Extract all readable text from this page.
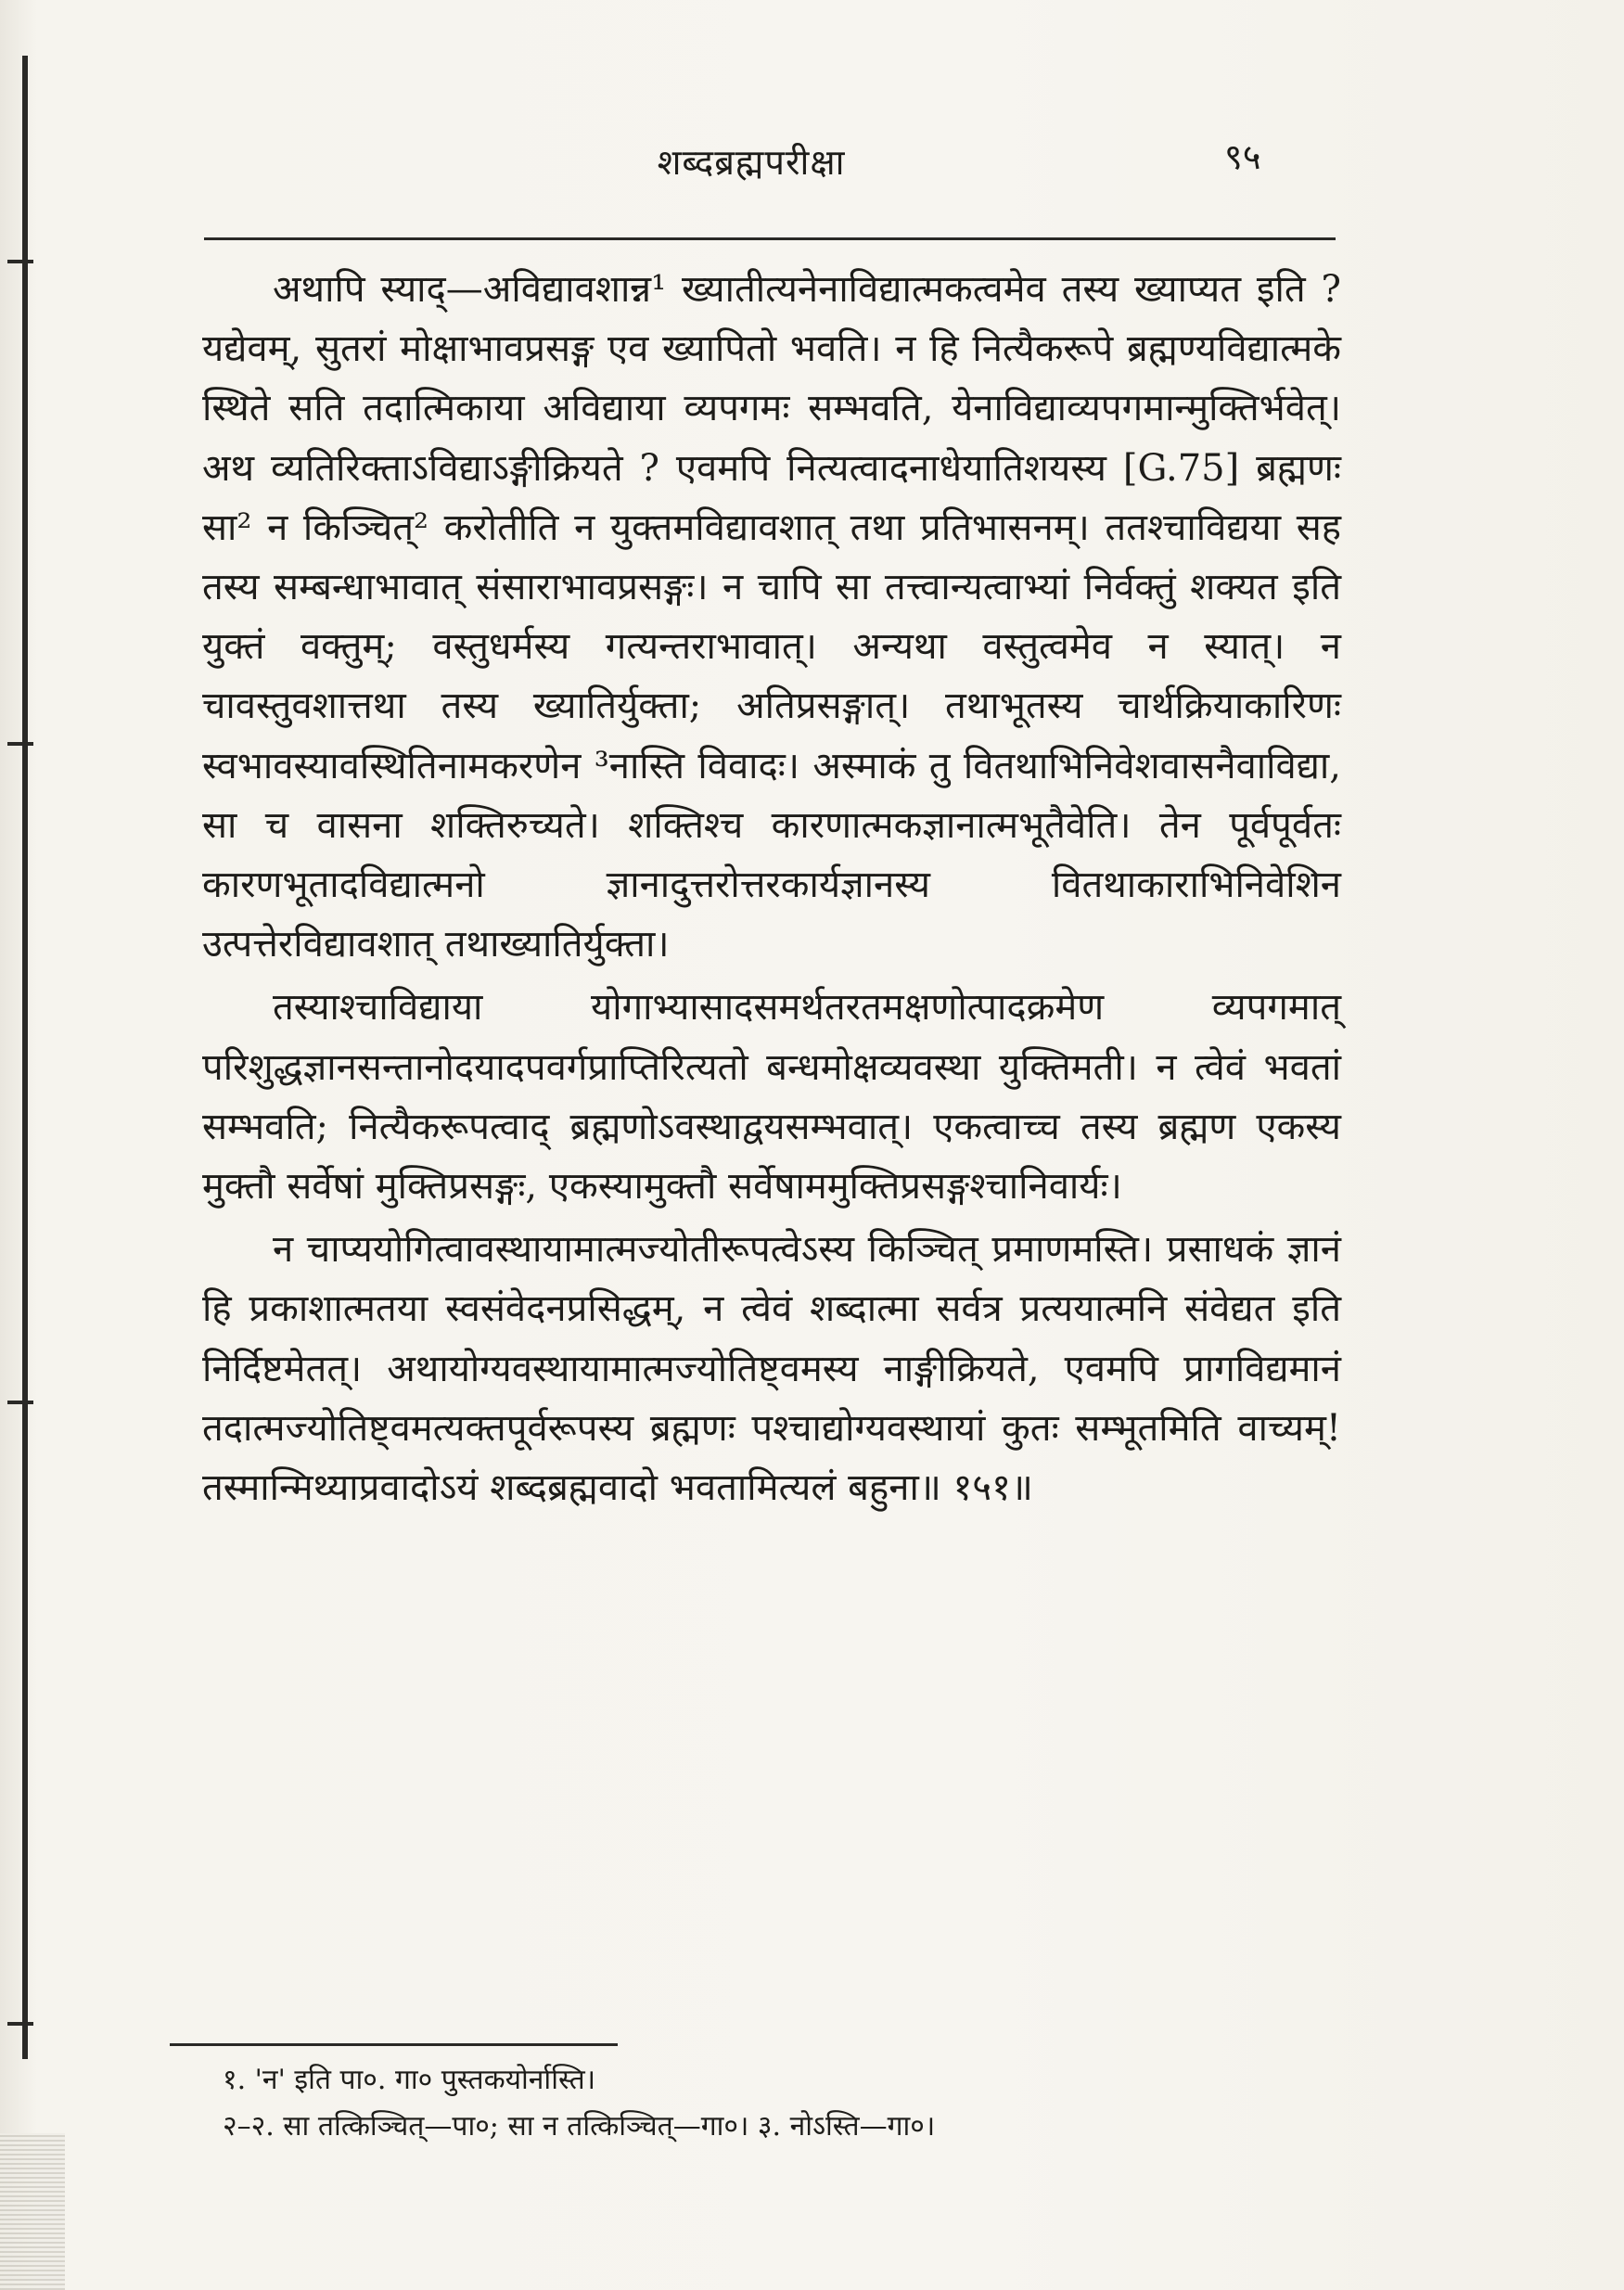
शब्दब्रह्मपरीक्षा	९५

अथापि स्याद्—अविद्यावशान्न¹ ख्यातीत्यनेनाविद्यात्मकत्वमेव तस्य ख्याप्यत इति ? यद्येवम्, सुतरां मोक्षाभावप्रसङ्ग एव ख्यापितो भवति। न हि नित्यैकरूपे ब्रह्मण्यविद्यात्मके स्थिते सति तदात्मिकाया अविद्याया व्यपगमः सम्भवति, येनाविद्याव्यपगमान्मुक्तिर्भवेत्। अथ व्यतिरिक्ताऽविद्याऽङ्गीक्रियते ? एवमपि नित्यत्वादनाधेयातिशयस्य [G.75] ब्रह्मणः सा² न किञ्चित्² करोतीति न युक्तमविद्यावशात् तथा प्रतिभासनम्। ततश्चाविद्यया सह तस्य सम्बन्धाभावात् संसाराभावप्रसङ्गः। न चापि सा तत्त्वान्यत्वाभ्यां निर्वक्तुं शक्यत इति युक्तं वक्तुम्; वस्तुधर्मस्य गत्यन्तराभावात्। अन्यथा वस्तुत्वमेव न स्यात्। न चावस्तुवशात्तथा तस्य ख्यातिर्युक्ता; अतिप्रसङ्गात्। तथाभूतस्य चार्थक्रियाकारिणः स्वभावस्यावस्थितिनामकरणेन ³नास्ति विवादः। अस्माकं तु वितथाभिनिवेशवासनैवाविद्या, सा च वासना शक्तिरुच्यते। शक्तिश्च कारणात्मकज्ञानात्मभूतैवेति। तेन पूर्वपूर्वतः कारणभूतादविद्यात्मनो ज्ञानादुत्तरोत्तरकार्यज्ञानस्य वितथाकाराभिनिवेशिन उत्पत्तेरविद्यावशात् तथाख्यातिर्युक्ता।

तस्याश्चाविद्याया योगाभ्यासादसमर्थतरतमक्षणोत्पादक्रमेण व्यपगमात् परिशुद्धज्ञानसन्तानोदयादपवर्गप्राप्तिरित्यतो बन्धमोक्षव्यवस्था युक्तिमती। न त्वेवं भवतां सम्भवति; नित्यैकरूपत्वाद् ब्रह्मणोऽवस्थाद्वयसम्भवात्। एकत्वाच्च तस्य ब्रह्मण एकस्य मुक्तौ सर्वेषां मुक्तिप्रसङ्गः, एकस्यामुक्तौ सर्वेषाममुक्तिप्रसङ्गश्चानिवार्यः।

न चाप्ययोगित्वावस्थायामात्मज्योतीरूपत्वेऽस्य किञ्चित् प्रमाणमस्ति। प्रसाधकं ज्ञानं हि प्रकाशात्मतया स्वसंवेदनप्रसिद्धम्, न त्वेवं शब्दात्मा सर्वत्र प्रत्ययात्मनि संवेद्यत इति निर्दिष्टमेतत्। अथायोग्यवस्थायामात्मज्योतिष्ट्वमस्य नाङ्गीक्रियते, एवमपि प्रागविद्यमानं तदात्मज्योतिष्ट्वमत्यक्तपूर्वरूपस्य ब्रह्मणः पश्चाद्योग्यवस्थायां कुतः सम्भूतमिति वाच्यम्! तस्मान्मिथ्याप्रवादोऽयं शब्दब्रह्मवादो भवतामित्यलं बहुना॥ १५१॥

१. 'न' इति पा०. गा० पुस्तकयोर्नास्ति।

२–२. सा तत्किञ्चित्—पा०; सा न तत्किञ्चित्—गा०। ३. नोऽस्ति—गा०।
